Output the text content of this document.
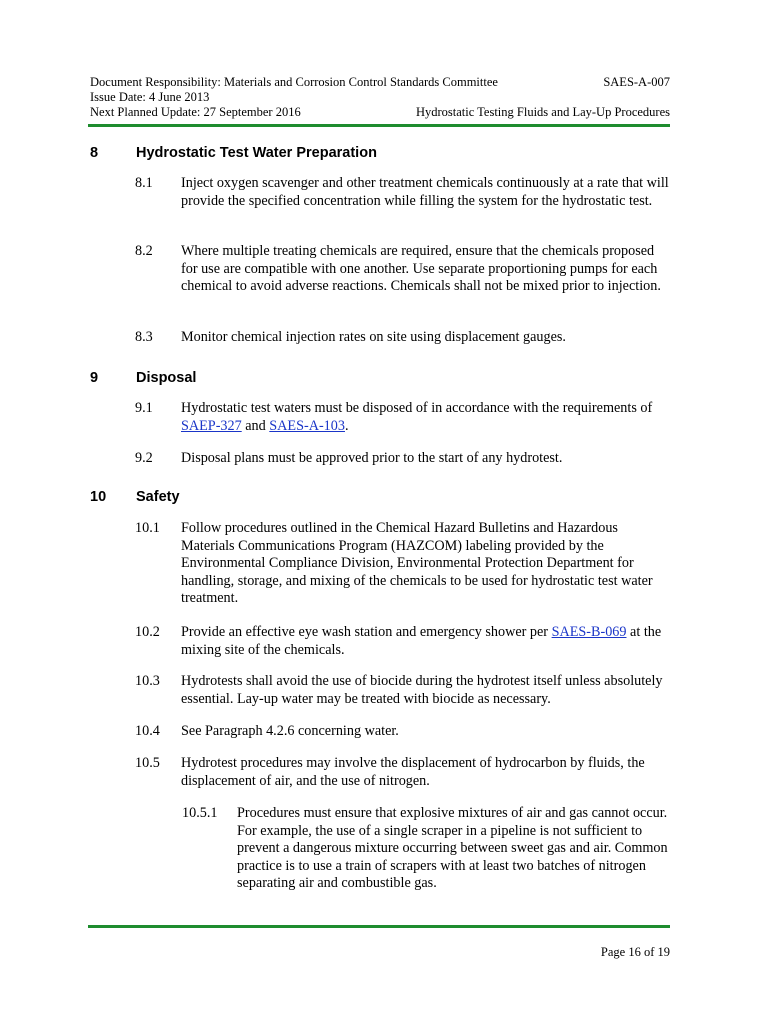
Document Responsibility: Materials and Corrosion Control Standards Committee	SAES-A-007
Issue Date: 4 June 2013
Next Planned Update: 27 September 2016	Hydrostatic Testing Fluids and Lay-Up Procedures
8	Hydrostatic Test Water Preparation
8.1 Inject oxygen scavenger and other treatment chemicals continuously at a rate that will provide the specified concentration while filling the system for the hydrostatic test.
8.2 Where multiple treating chemicals are required, ensure that the chemicals proposed for use are compatible with one another. Use separate proportioning pumps for each chemical to avoid adverse reactions. Chemicals shall not be mixed prior to injection.
8.3 Monitor chemical injection rates on site using displacement gauges.
9	Disposal
9.1 Hydrostatic test waters must be disposed of in accordance with the requirements of SAEP-327 and SAES-A-103.
9.2 Disposal plans must be approved prior to the start of any hydrotest.
10 Safety
10.1 Follow procedures outlined in the Chemical Hazard Bulletins and Hazardous Materials Communications Program (HAZCOM) labeling provided by the Environmental Compliance Division, Environmental Protection Department for handling, storage, and mixing of the chemicals to be used for hydrostatic test water treatment.
10.2 Provide an effective eye wash station and emergency shower per SAES-B-069 at the mixing site of the chemicals.
10.3 Hydrotests shall avoid the use of biocide during the hydrotest itself unless absolutely essential. Lay-up water may be treated with biocide as necessary.
10.4 See Paragraph 4.2.6 concerning water.
10.5 Hydrotest procedures may involve the displacement of hydrocarbon by fluids, the displacement of air, and the use of nitrogen.
10.5.1 Procedures must ensure that explosive mixtures of air and gas cannot occur. For example, the use of a single scraper in a pipeline is not sufficient to prevent a dangerous mixture occurring between sweet gas and air. Common practice is to use a train of scrapers with at least two batches of nitrogen separating air and combustible gas.
Page 16 of 19
